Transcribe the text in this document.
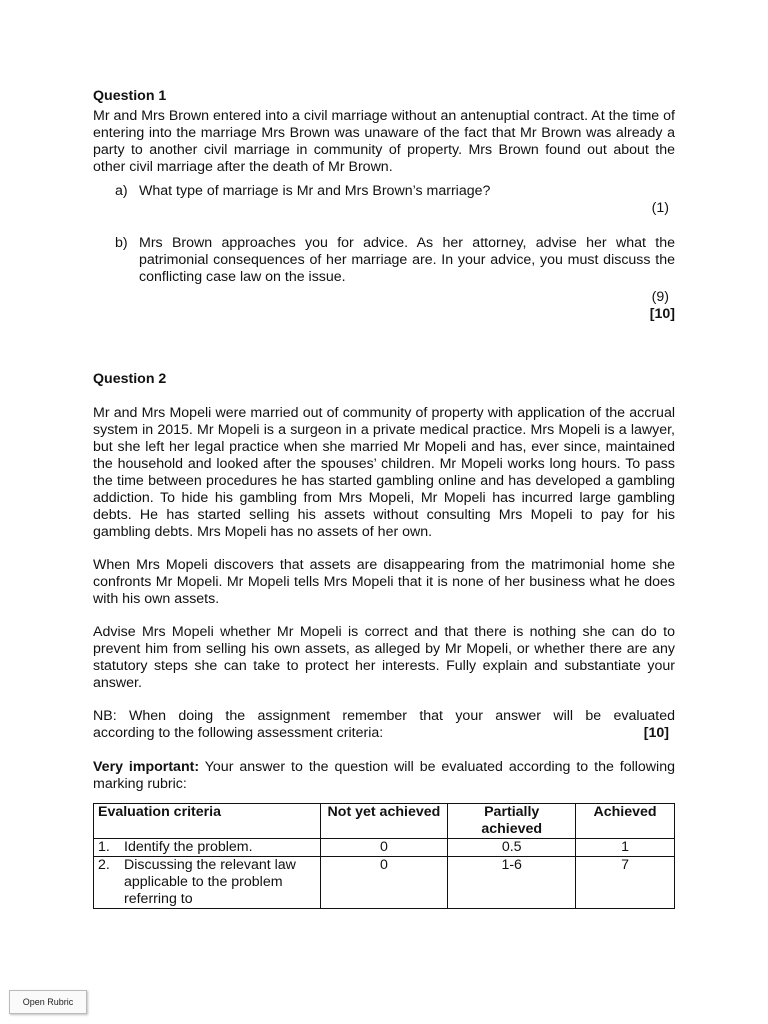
Question 1

Mr and Mrs Brown entered into a civil marriage without an antenuptial contract. At the time of entering into the marriage Mrs Brown was unaware of the fact that Mr Brown was already a party to another civil marriage in community of property. Mrs Brown found out about the other civil marriage after the death of Mr Brown.

a) What type of marriage is Mr and Mrs Brown’s marriage?

(1)

b) Mrs Brown approaches you for advice. As her attorney, advise her what the patrimonial consequences of her marriage are. In your advice, you must discuss the conflicting case law on the issue.

(9)

[10]

Question 2

Mr and Mrs Mopeli were married out of community of property with application of the accrual system in 2015. Mr Mopeli is a surgeon in a private medical practice. Mrs Mopeli is a lawyer, but she left her legal practice when she married Mr Mopeli and has, ever since, maintained the household and looked after the spouses’ children. Mr Mopeli works long hours. To pass the time between procedures he has started gambling online and has developed a gambling addiction. To hide his gambling from Mrs Mopeli, Mr Mopeli has incurred large gambling debts. He has started selling his assets without consulting Mrs Mopeli to pay for his gambling debts. Mrs Mopeli has no assets of her own.

When Mrs Mopeli discovers that assets are disappearing from the matrimonial home she confronts Mr Mopeli. Mr Mopeli tells Mrs Mopeli that it is none of her business what he does with his own assets.

Advise Mrs Mopeli whether Mr Mopeli is correct and that there is nothing she can do to prevent him from selling his own assets, as alleged by Mr Mopeli, or whether there are any statutory steps she can take to protect her interests. Fully explain and substantiate your answer.

NB: When doing the assignment remember that your answer will be evaluated

according to the following assessment criteria:	[10]

Very important: Your answer to the question will be evaluated according to the following marking rubric:

Evaluation criteria	Not yet achieved	Partially achieved	Achieved

1. Identify the problem.	0	0.5	1

2. Discussing the relevant law applicable to the problem referring to	0	1-6	7
Open Rubric
